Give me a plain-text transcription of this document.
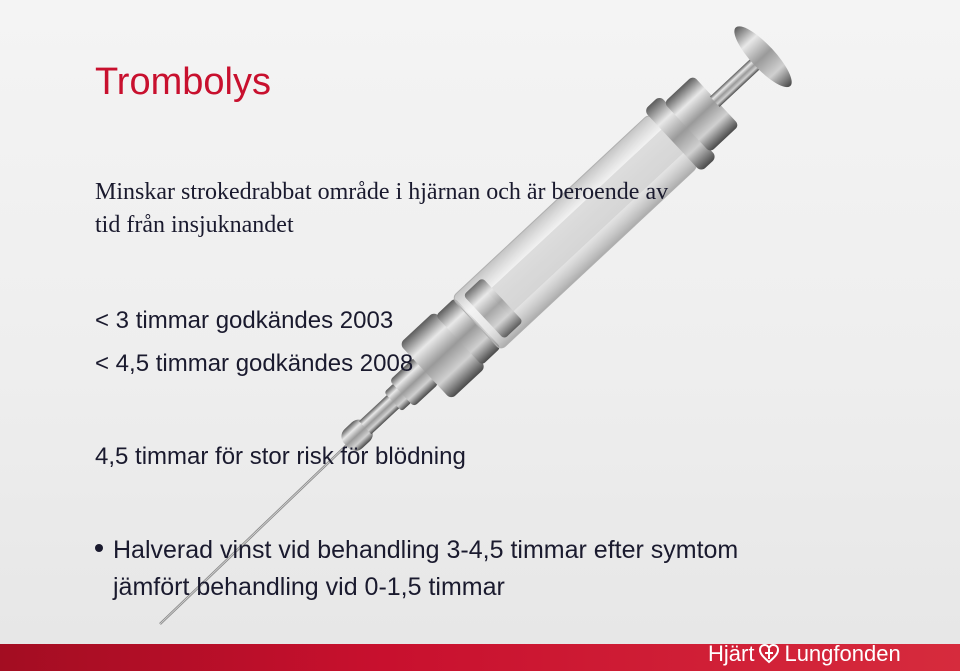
Trombolys
Minskar strokedrabbat område i hjärnan och är beroende av
tid från insjuknandet
< 3 timmar godkändes 2003
< 4,5 timmar godkändes 2008
4,5 timmar för stor risk för blödning
Halverad vinst vid behandling 3-4,5 timmar efter symtom
jämfört behandling vid 0-1,5 timmar
Hjärt Lungfonden
